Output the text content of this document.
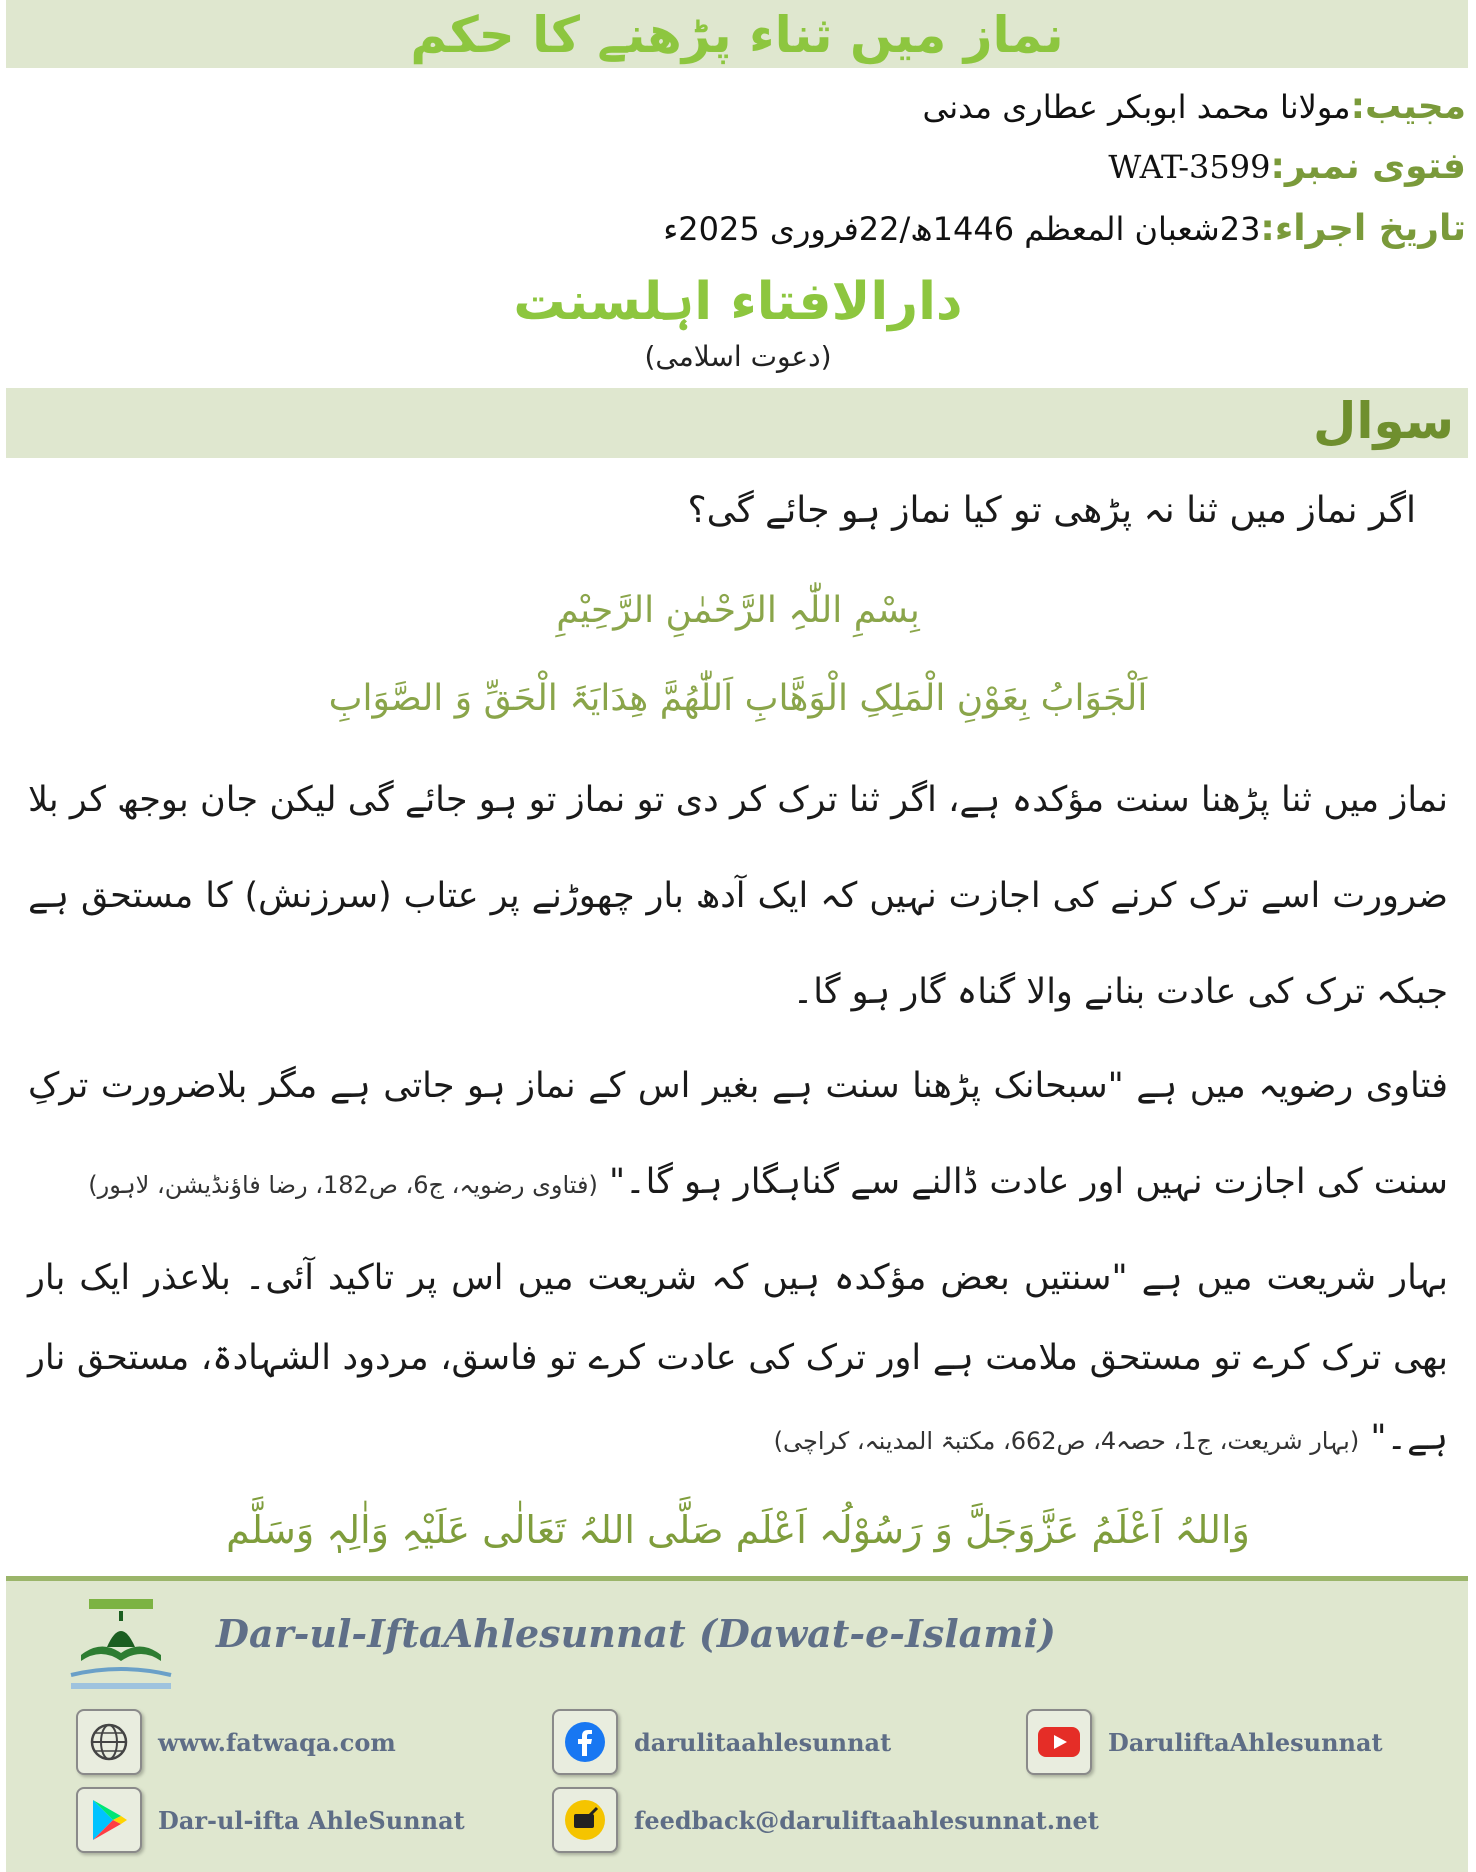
نماز میں ثناء پڑھنے کا حکم
مجیب:مولانا محمد ابوبکر عطاری مدنی
فتوی نمبر:WAT-3599
تاریخ اجراء:23شعبان المعظم 1446ھ/22فروری 2025ء
دارالافتاء اہلسنت
(دعوت اسلامی)
سوال
اگر نماز میں ثنا نہ پڑھی تو کیا نماز ہو جائے گی؟
بِسْمِ اللّٰہِ الرَّحْمٰنِ الرَّحِیْمِ
اَلْجَوَابُ بِعَوْنِ الْمَلِکِ الْوَھَّابِ اَللّٰھُمَّ ھِدَایَۃَ الْحَقِّ وَ الصَّوَابِ
نماز میں ثنا پڑھنا سنت مؤکدہ ہے، اگر ثنا ترک کر دی تو نماز تو ہو جائے گی لیکن جان بوجھ کر بلا ضرورت اسے ترک کرنے کی اجازت نہیں کہ ایک آدھ بار چھوڑنے پر عتاب (سرزنش) کا مستحق ہے جبکہ ترک کی عادت بنانے والا گناہ گار ہو گا۔
فتاوی رضویہ میں ہے "سبحانک پڑھنا سنت ہے بغیر اس کے نماز ہو جاتی ہے مگر بلاضرورت ترکِ سنت کی اجازت نہیں اور عادت ڈالنے سے گناہگار ہو گا۔" (فتاوی رضویہ، ج6، ص182، رضا فاؤنڈیشن، لاہور)
بہار شریعت میں ہے "سنتیں بعض مؤکدہ ہیں کہ شریعت میں اس پر تاکید آئی۔ بلاعذر ایک بار بھی ترک کرے تو مستحق ملامت ہے اور ترک کی عادت کرے تو فاسق، مردود الشہادۃ، مستحق نار ہے۔" (بہار شریعت، ج1، حصہ4، ص662، مکتبۃ المدینہ، کراچی)
وَاللہُ اَعْلَمُ عَزَّوَجَلَّ وَ رَسُوْلُہ اَعْلَم صَلَّی اللہُ تَعَالٰی عَلَیْہِ وَاٰلِہٖ وَسَلَّم
Dar-ul-IftaAhlesunnat (Dawat-e-Islami)
www.fatwaqa.com	darulitaahlesunnat	DaruliftaAhlesunnat
Dar-ul-ifta AhleSunnat	feedback@daruliftaahlesunnat.net
